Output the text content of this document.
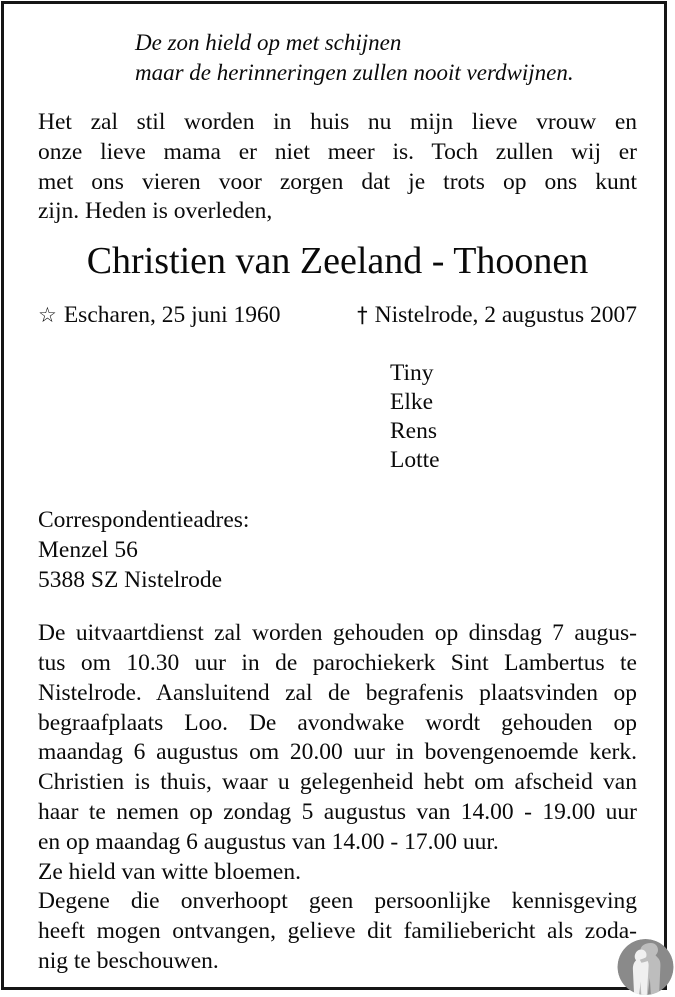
De zon hield op met schijnen
maar de herinneringen zullen nooit verdwijnen.
Het zal stil worden in huis nu mijn lieve vrouw en
onze lieve mama er niet meer is. Toch zullen wij er
met ons vieren voor zorgen dat je trots op ons kunt
zijn. Heden is overleden,
Christien van Zeeland - Thoonen
☆ Escharen, 25 juni 1960	† Nistelrode, 2 augustus 2007
Tiny
Elke
Rens
Lotte
Correspondentieadres:
Menzel 56
5388 SZ Nistelrode
De uitvaartdienst zal worden gehouden op dinsdag 7 augus-
tus om 10.30 uur in de parochiekerk Sint Lambertus te
Nistelrode. Aansluitend zal de begrafenis plaatsvinden op
begraafplaats Loo. De avondwake wordt gehouden op
maandag 6 augustus om 20.00 uur in bovengenoemde kerk.
Christien is thuis, waar u gelegenheid hebt om afscheid van
haar te nemen op zondag 5 augustus van 14.00 - 19.00 uur
en op maandag 6 augustus van 14.00 - 17.00 uur.
Ze hield van witte bloemen.
Degene die onverhoopt geen persoonlijke kennisgeving
heeft mogen ontvangen, gelieve dit familiebericht als zoda-
nig te beschouwen.
